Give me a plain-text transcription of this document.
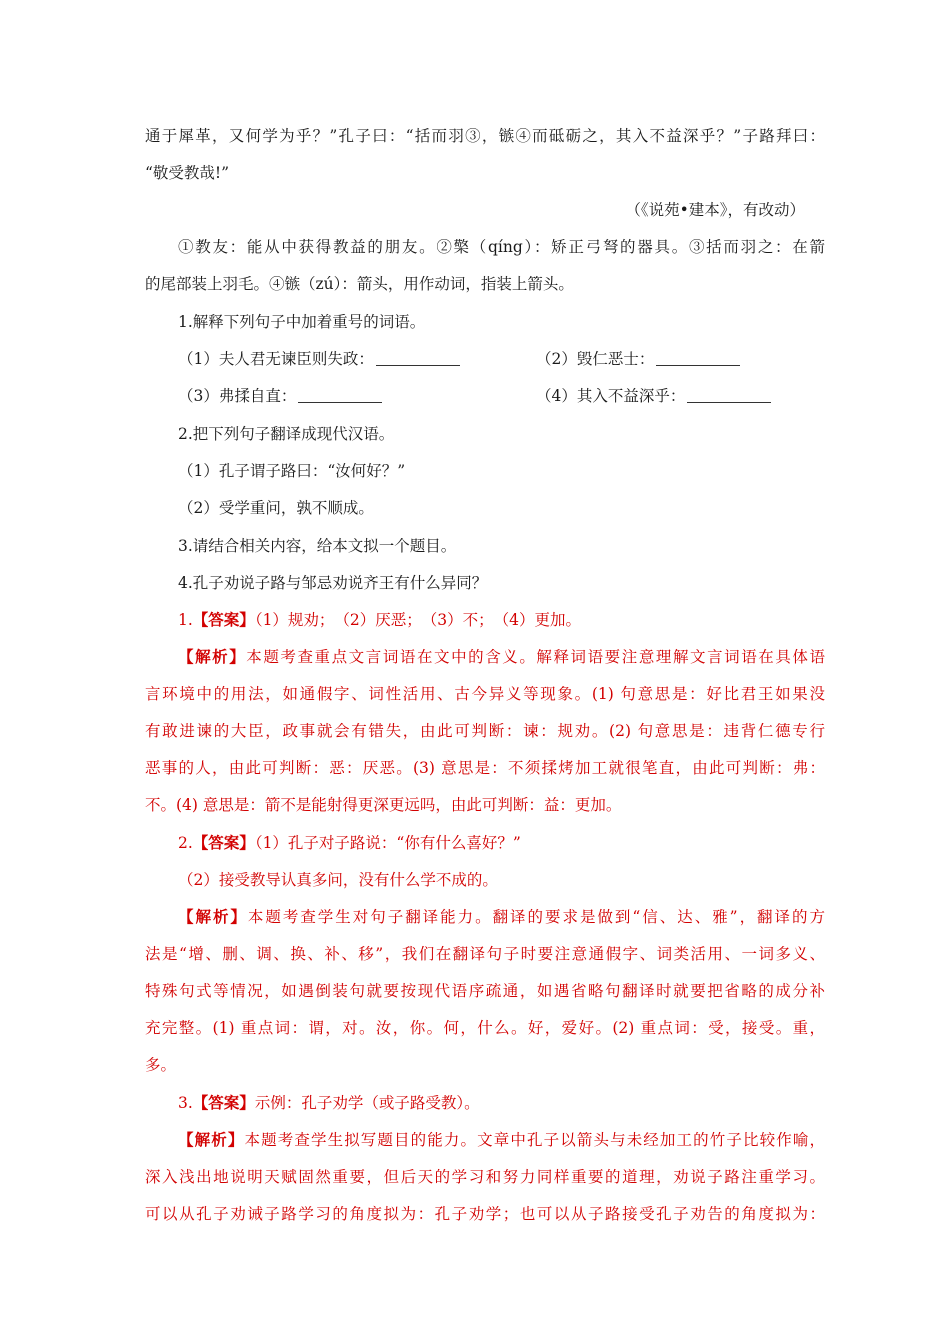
通于犀革，又何学为乎？”孔子曰：“括而羽③，镞④而砥砺之，其入不益深乎？”子路拜曰：
“敬受教哉!”
（《说苑•建本》，有改动）
①教友：能从中获得教益的朋友。②檠（qíng）：矫正弓弩的器具。③括而羽之：在箭
的尾部装上羽毛。④镞（zú）：箭头，用作动词，指装上箭头。
1.解释下列句子中加着重号的词语。
（1）夫人君无谏臣则失政：	（2）毁仁恶士：
（3）弗揉自直：	（4）其入不益深乎：
2.把下列句子翻译成现代汉语。
（1）孔子谓子路曰：“汝何好？”
（2）受学重问，孰不顺成。
3.请结合相关内容，给本文拟一个题目。
4.孔子劝说子路与邹忌劝说齐王有什么异同？
1.【答案】（1）规劝；　（2）厌恶；　（3）不；　（4）更加。
【解析】本题考查重点文言词语在文中的含义。解释词语要注意理解文言词语在具体语
言环境中的用法，如通假字、词性活用、古今异义等现象。(1) 句意思是：好比君王如果没
有敢进谏的大臣，政事就会有错失，由此可判断：谏：规劝。(2) 句意思是：违背仁德专行
恶事的人，由此可判断：恶：厌恶。(3) 意思是：不须揉烤加工就很笔直，由此可判断：弗：
不。(4) 意思是：箭不是能射得更深更远吗，由此可判断：益：更加。
2.【答案】（1）孔子对子路说：“你有什么喜好？”
（2）接受教导认真多问，没有什么学不成的。
【解析】本题考查学生对句子翻译能力。翻译的要求是做到“信、达、雅”，翻译的方
法是“增、删、调、换、补、移”，我们在翻译句子时要注意通假字、词类活用、一词多义、
特殊句式等情况，如遇倒装句就要按现代语序疏通，如遇省略句翻译时就要把省略的成分补
充完整。(1) 重点词：谓，对。汝，你。何，什么。好，爱好。(2) 重点词：受，接受。重，
多。
3.【答案】示例：孔子劝学（或子路受教）。
【解析】本题考查学生拟写题目的能力。文章中孔子以箭头与未经加工的竹子比较作喻，
深入浅出地说明天赋固然重要，但后天的学习和努力同样重要的道理，劝说子路注重学习。
可以从孔子劝诫子路学习的角度拟为：孔子劝学；也可以从子路接受孔子劝告的角度拟为：
